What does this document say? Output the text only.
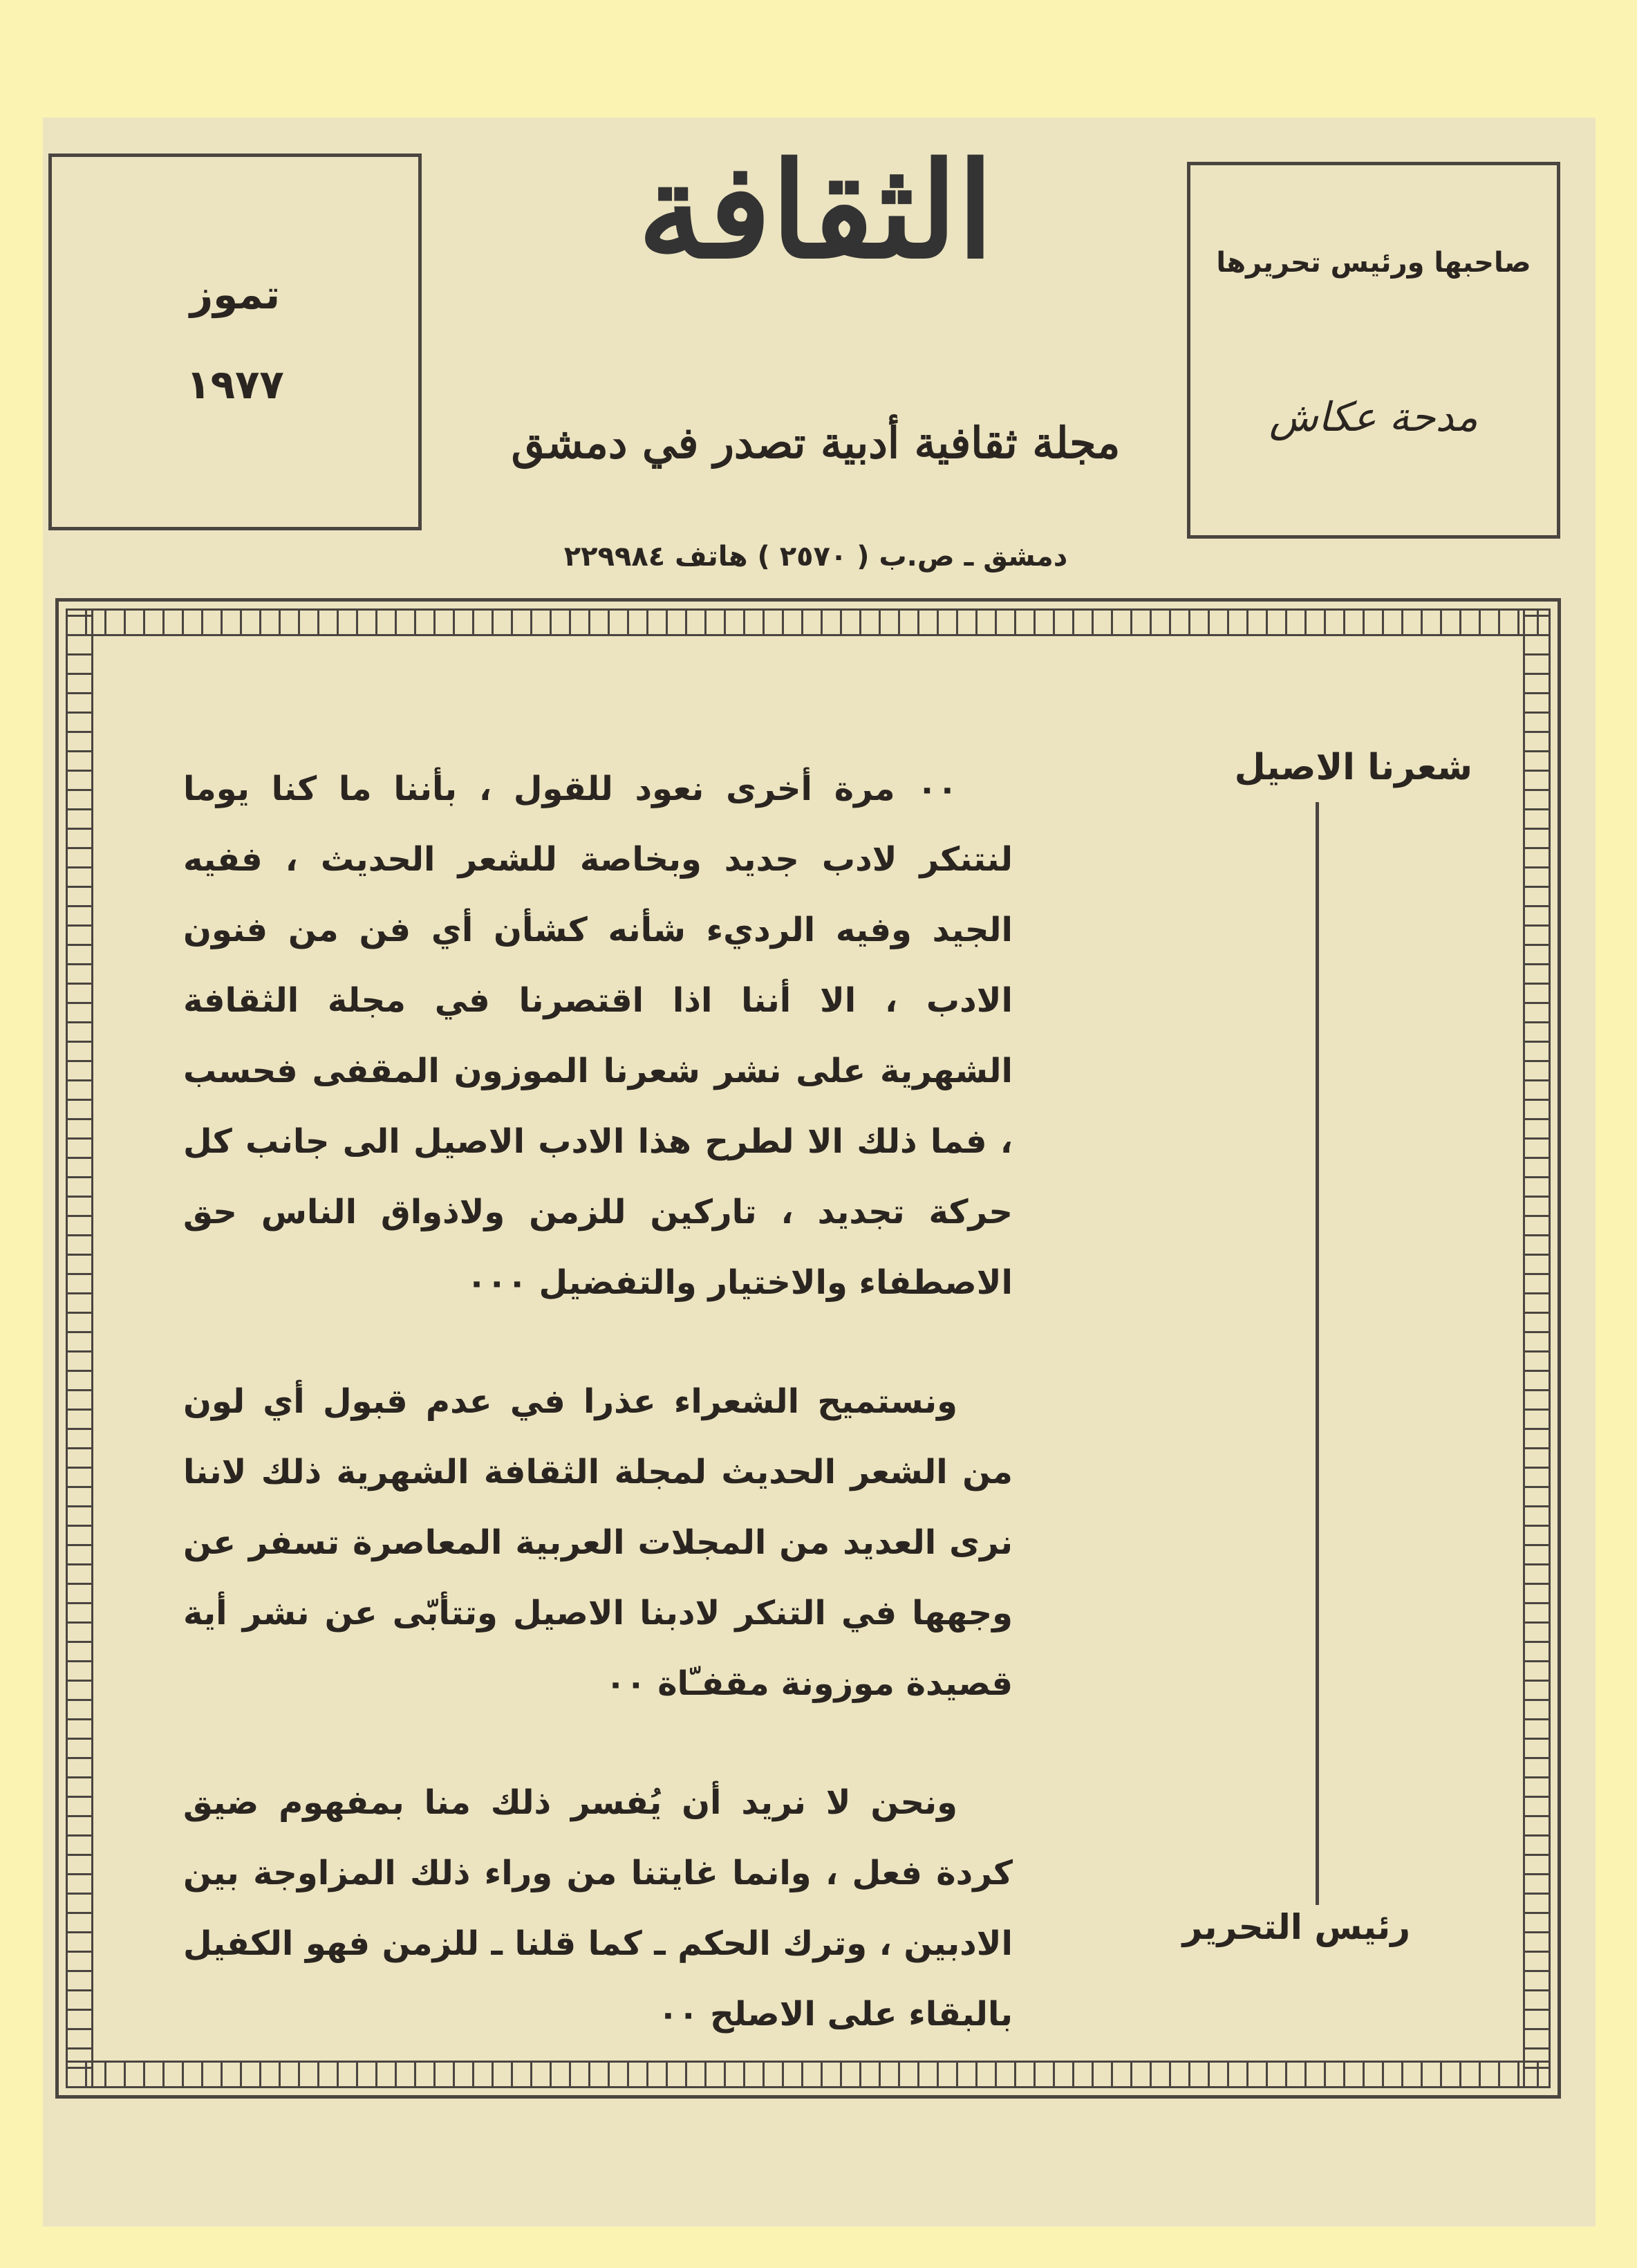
تموز
١٩٧٧
الثقافة
مجلة ثقافية أدبية تصدر في دمشق
دمشق ـ ص.ب ( ٢٥٧٠ ) هاتف ٢٢٩٩٨٤
صاحبها ورئيس تحريرها
مدحة عكاش
شعرنا الاصيل

٠٠ مرة أخرى نعود للقول ، بأننا ما كنا يوما لنتنكر لادب جديد وبخاصة للشعر الحديث ، ففيه الجيد وفيه الرديء شأنه كشأن أي فن من فنون الادب ، الا أننا اذا اقتصرنا في مجلة الثقافة الشهرية على نشر شعرنا الموزون المقفى فحسب ، فما ذلك الا لطرح هذا الادب الاصيل الى جانب كل حركة تجديد ، تاركين للزمن ولاذواق الناس حق الاصطفاء والاختيار والتفضيل ٠٠٠

ونستميح الشعراء عذرا في عدم قبول أي لون من الشعر الحديث لمجلة الثقافة الشهرية ذلك لاننا نرى العديد من المجلات العربية المعاصرة تسفر عن وجهها في التنكر لادبنا الاصيل وتتأبّى عن نشر أية قصيدة موزونة مقفـّاة ٠٠

ونحن لا نريد أن يُفسر ذلك منا بمفهوم ضيق كردة فعل ، وانما غايتنا من وراء ذلك المزاوجة بين الادبين ، وترك الحكم ـ كما قلنا ـ للزمن فهو الكفيل بالبقاء على الاصلح ٠٠

رئيس التحرير
